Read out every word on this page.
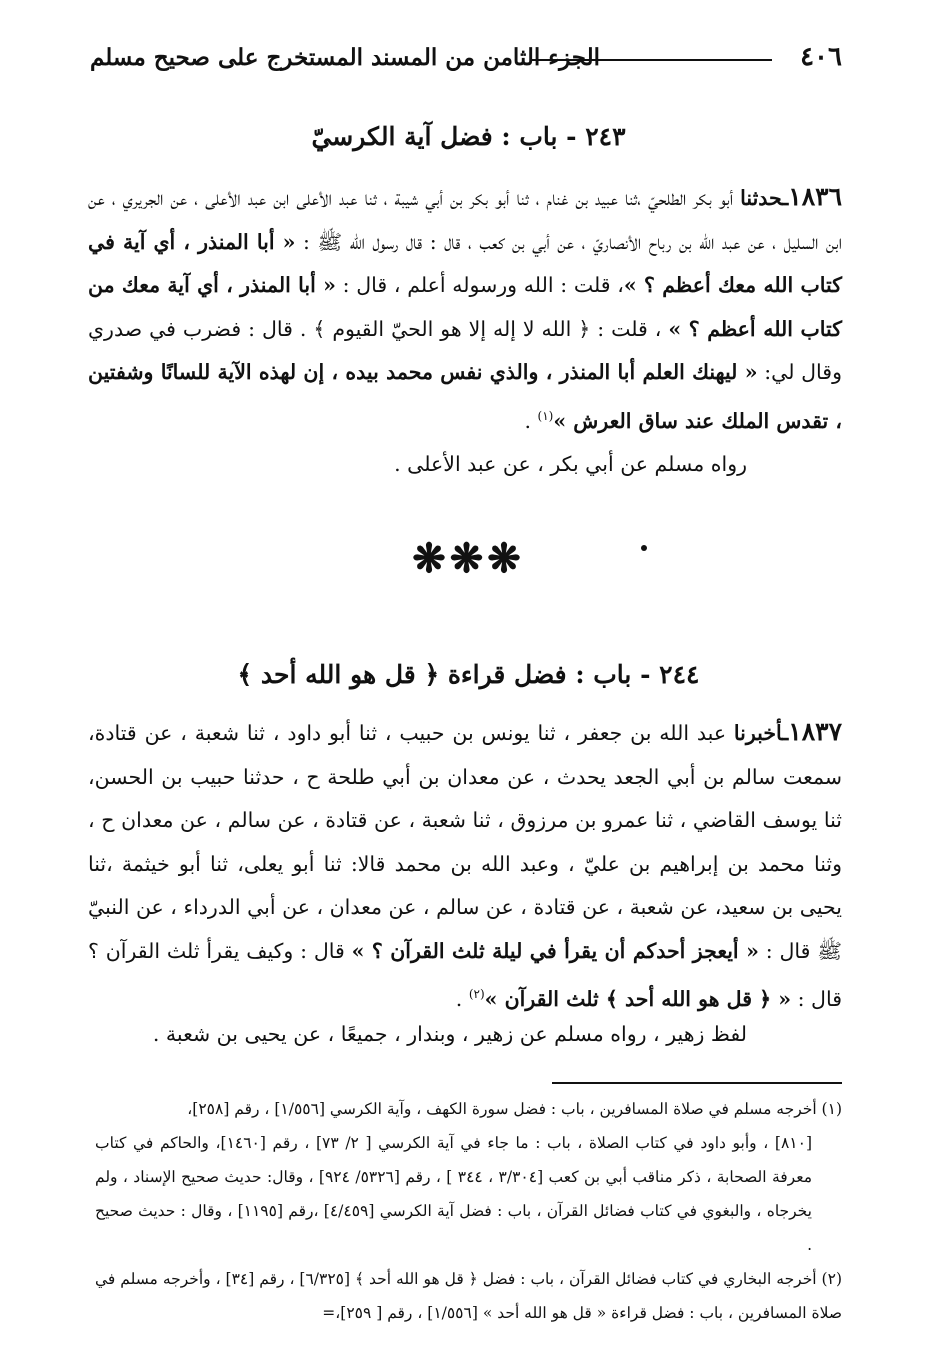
٤٠٦
الجزء الثامن من المسند المستخرج على صحيح مسلم
٢٤٣ - باب : فضل آية الكرسيّ
١٨٣٦ـحدثنا أبو بكر الطلحيّ ،ثنا عبيد بن غنام ، ثنا أبو بكر بن أبي شيبة ، ثنا عبد الأعلى ابن عبد الأعلى ، عن الجريري ، عن ابن السليل ، عن عبد الله بن رباح الأنصاريّ ، عن أبي بن كعب ، قال : قال رسول الله ﷺ : « أبا المنذر ، أي آية في كتاب الله معك أعظم ؟ »، قلت : الله ورسوله أعلم ، قال : « أبا المنذر ، أي آية معك من كتاب الله أعظم ؟ » ، قلت : ﴿ الله لا إله إلا هو الحيّ القيوم ﴾ . قال : فضرب في صدري وقال لي: « ليهنك العلم أبا المنذر ، والذي نفس محمد بيده ، إن لهذه الآية للسانًا وشفتين ، تقدس الملك عند ساق العرش »$^{(١)}$ .
رواه مسلم عن أبي بكر ، عن عبد الأعلى .
❋❋❋
٢٤٤ - باب : فضل قراءة ﴿ قل هو الله أحد ﴾
١٨٣٧ـأخبرنا عبد الله بن جعفر ، ثنا يونس بن حبيب ، ثنا أبو داود ، ثنا شعبة ، عن قتادة، سمعت سالم بن أبي الجعد يحدث ، عن معدان بن أبي طلحة ح ، حدثنا حبيب بن الحسن، ثنا يوسف القاضي ، ثنا عمرو بن مرزوق ، ثنا شعبة ، عن قتادة ، عن سالم ، عن معدان ح ، وثنا محمد بن إبراهيم بن عليّ ، وعبد الله بن محمد قالا: ثنا أبو يعلى، ثنا أبو خيثمة ،ثنا يحيى بن سعيد، عن شعبة ، عن قتادة ، عن سالم ، عن معدان ، عن أبي الدرداء ، عن النبيّ ﷺ قال : « أيعجز أحدكم أن يقرأ في ليلة ثلث القرآن ؟ » قال : وكيف يقرأ ثلث القرآن ؟ قال : « ﴿ قل هو الله أحد ﴾ ثلث القرآن »$^{(٢)}$ .
لفظ زهير ، رواه مسلم عن زهير ، وبندار ، جميعًا ، عن يحيى بن شعبة .
(١) أخرجه مسلم في صلاة المسافرين ، باب : فضل سورة الكهف ، وآية الكرسي [١/٥٥٦] ، رقم [٢٥٨]،
[٨١٠] ، وأبو داود في كتاب الصلاة ، باب : ما جاء في آية الكرسي [ ٢/ ٧٣] ، رقم [١٤٦٠]، والحاكم في كتاب معرفة الصحابة ، ذكر مناقب أبي بن كعب [٣/٣٠٤ ، ٣٤٤ ] ، رقم [٥٣٢٦/ ٩٢٤] ، وقال: حديث صحيح الإسناد ، ولم يخرجاه ، والبغوي في كتاب فضائل القرآن ، باب : فضل آية الكرسي [٤/٤٥٩] ،رقم [١١٩٥] ، وقال : حديث صحيح .
(٢) أخرجه البخاري في كتاب فضائل القرآن ، باب : فضل ﴿ قل هو الله أحد ﴾ [٦/٣٢٥] ، رقم [٣٤] ، وأخرجه مسلم في صلاة المسافرين ، باب : فضل قراءة « قل هو الله أحد » [١/٥٥٦] ، رقم [ ٢٥٩]،=
